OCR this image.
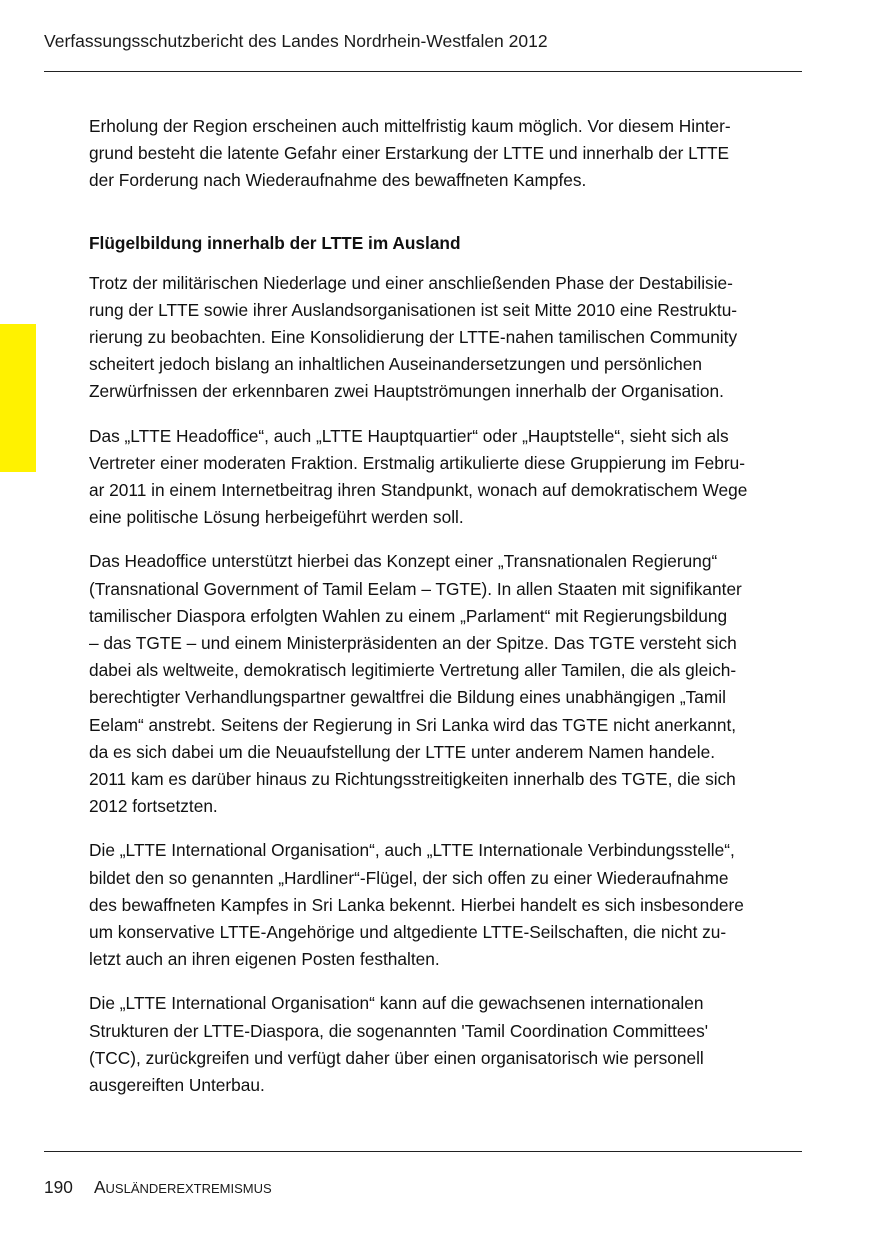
Verfassungsschutzbericht des Landes Nordrhein-Westfalen 2012

Erholung der Region erscheinen auch mittelfristig kaum möglich. Vor diesem Hinter-
grund besteht die latente Gefahr einer Erstarkung der LTTE und innerhalb der LTTE
der Forderung nach Wiederaufnahme des bewaffneten Kampfes.

Flügelbildung innerhalb der LTTE im Ausland

Trotz der militärischen Niederlage und einer anschließenden Phase der Destabilisie-
rung der LTTE sowie ihrer Auslandsorganisationen ist seit Mitte 2010 eine Restruktu-
rierung zu beobachten. Eine Konsolidierung der LTTE-nahen tamilischen Community
scheitert jedoch bislang an inhaltlichen Auseinandersetzungen und persönlichen
Zerwürfnissen der erkennbaren zwei Hauptströmungen innerhalb der Organisation.

Das „LTTE Headoffice“, auch „LTTE Hauptquartier“ oder „Hauptstelle“, sieht sich als
Vertreter einer moderaten Fraktion. Erstmalig artikulierte diese Gruppierung im Febru-
ar 2011 in einem Internetbeitrag ihren Standpunkt, wonach auf demokratischem Wege
eine politische Lösung herbeigeführt werden soll.

Das Headoffice unterstützt hierbei das Konzept einer „Transnationalen Regierung“
(Transnational Government of Tamil Eelam – TGTE). In allen Staaten mit signifikanter
tamilischer Diaspora erfolgten Wahlen zu einem „Parlament“ mit Regierungsbildung
– das TGTE – und einem Ministerpräsidenten an der Spitze. Das TGTE versteht sich
dabei als weltweite, demokratisch legitimierte Vertretung aller Tamilen, die als gleich-
berechtigter Verhandlungspartner gewaltfrei die Bildung eines unabhängigen „Tamil
Eelam“ anstrebt. Seitens der Regierung in Sri Lanka wird das TGTE nicht anerkannt,
da es sich dabei um die Neuaufstellung der LTTE unter anderem Namen handele.
2011 kam es darüber hinaus zu Richtungsstreitigkeiten innerhalb des TGTE, die sich
2012 fortsetzten.

Die „LTTE International Organisation“, auch „LTTE Internationale Verbindungsstelle“,
bildet den so genannten „Hardliner“-Flügel, der sich offen zu einer Wiederaufnahme
des bewaffneten Kampfes in Sri Lanka bekennt. Hierbei handelt es sich insbesondere
um konservative LTTE-Angehörige und altgediente LTTE-Seilschaften, die nicht zu-
letzt auch an ihren eigenen Posten festhalten.

Die „LTTE International Organisation“ kann auf die gewachsenen internationalen
Strukturen der LTTE-Diaspora, die sogenannten 'Tamil Coordination Committees'
(TCC), zurückgreifen und verfügt daher über einen organisatorisch wie personell
ausgereiften Unterbau.

190 AUSLÄNDEREXTREMISMUS
